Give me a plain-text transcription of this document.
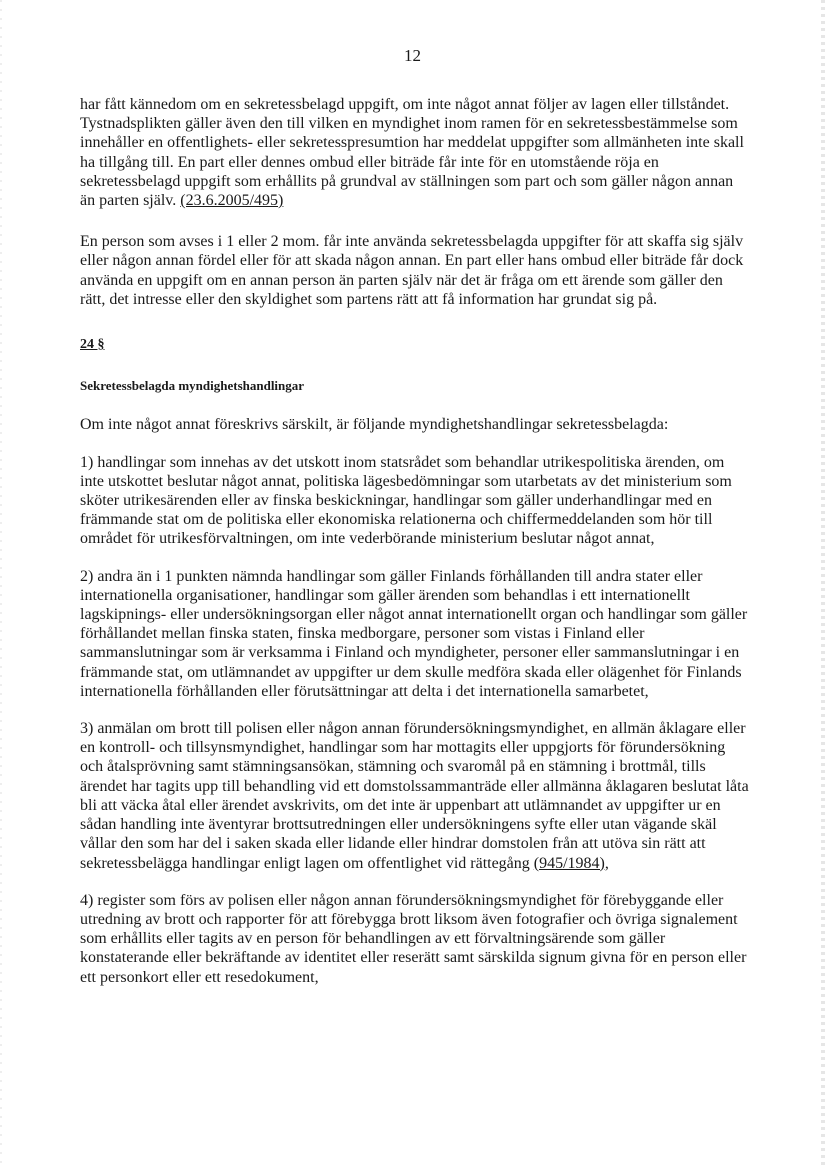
12

har fått kännedom om en sekretessbelagd uppgift, om inte något annat följer av lagen eller tillståndet. Tystnadsplikten gäller även den till vilken en myndighet inom ramen för en sekretessbestämmelse som innehåller en offentlighets- eller sekretesspresumtion har meddelat uppgifter som allmänheten inte skall ha tillgång till. En part eller dennes ombud eller biträde får inte för en utomstående röja en sekretessbelagd uppgift som erhållits på grundval av ställningen som part och som gäller någon annan än parten själv. (23.6.2005/495)

En person som avses i 1 eller 2 mom. får inte använda sekretessbelagda uppgifter för att skaffa sig själv eller någon annan fördel eller för att skada någon annan. En part eller hans ombud eller biträde får dock använda en uppgift om en annan person än parten själv när det är fråga om ett ärende som gäller den rätt, det intresse eller den skyldighet som partens rätt att få information har grundat sig på.

24 §

Sekretessbelagda myndighetshandlingar

Om inte något annat föreskrivs särskilt, är följande myndighetshandlingar sekretessbelagda:

1) handlingar som innehas av det utskott inom statsrådet som behandlar utrikespolitiska ärenden, om inte utskottet beslutar något annat, politiska lägesbedömningar som utarbetats av det ministerium som sköter utrikesärenden eller av finska beskickningar, handlingar som gäller underhandlingar med en främmande stat om de politiska eller ekonomiska relationerna och chiffermeddelanden som hör till området för utrikesförvaltningen, om inte vederbörande ministerium beslutar något annat,

2) andra än i 1 punkten nämnda handlingar som gäller Finlands förhållanden till andra stater eller internationella organisationer, handlingar som gäller ärenden som behandlas i ett internationellt lagskipnings- eller undersökningsorgan eller något annat internationellt organ och handlingar som gäller förhållandet mellan finska staten, finska medborgare, personer som vistas i Finland eller sammanslutningar som är verksamma i Finland och myndigheter, personer eller sammanslutningar i en främmande stat, om utlämnandet av uppgifter ur dem skulle medföra skada eller olägenhet för Finlands internationella förhållanden eller förutsättningar att delta i det internationella samarbetet,

3) anmälan om brott till polisen eller någon annan förundersökningsmyndighet, en allmän åklagare eller en kontroll- och tillsynsmyndighet, handlingar som har mottagits eller uppgjorts för förundersökning och åtalsprövning samt stämningsansökan, stämning och svaromål på en stämning i brottmål, tills ärendet har tagits upp till behandling vid ett domstolssammanträde eller allmänna åklagaren beslutat låta bli att väcka åtal eller ärendet avskrivits, om det inte är uppenbart att utlämnandet av uppgifter ur en sådan handling inte äventyrar brottsutredningen eller undersökningens syfte eller utan vägande skäl vållar den som har del i saken skada eller lidande eller hindrar domstolen från att utöva sin rätt att sekretessbelägga handlingar enligt lagen om offentlighet vid rättegång (945/1984),

4) register som förs av polisen eller någon annan förundersökningsmyndighet för förebyggande eller utredning av brott och rapporter för att förebygga brott liksom även fotografier och övriga signalement som erhållits eller tagits av en person för behandlingen av ett förvaltningsärende som gäller konstaterande eller bekräftande av identitet eller reserätt samt särskilda signum givna för en person eller ett personkort eller ett resedokument,
